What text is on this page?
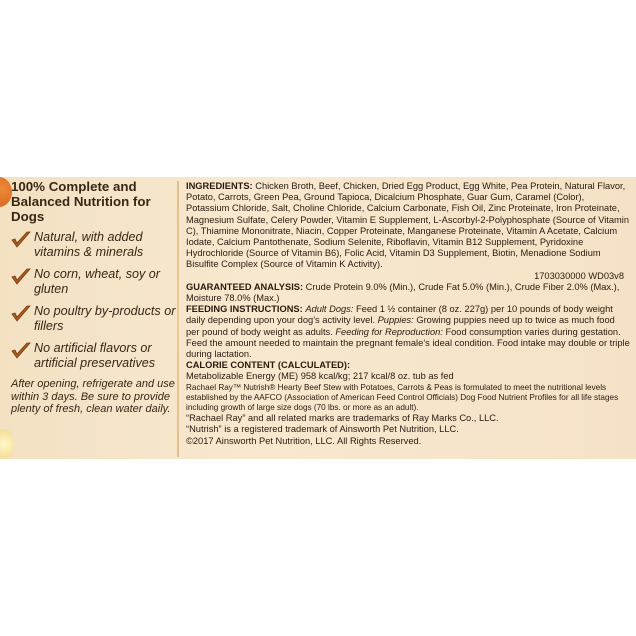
100% Complete and Balanced Nutrition for Dogs

Natural, with added vitamins & minerals
No corn, wheat, soy or gluten
No poultry by-products or fillers
No artificial flavors or artificial preservatives

After opening, refrigerate and use within 3 days. Be sure to provide plenty of fresh, clean water daily.

INGREDIENTS: Chicken Broth, Beef, Chicken, Dried Egg Product, Egg White, Pea Protein, Natural Flavor, Potato, Carrots, Green Pea, Ground Tapioca, Dicalcium Phosphate, Guar Gum, Caramel (Color), Potassium Chloride, Salt, Choline Chloride, Calcium Carbonate, Fish Oil, Zinc Proteinate, Iron Proteinate, Magnesium Sulfate, Celery Powder, Vitamin E Supplement, L-Ascorbyl-2-Polyphosphate (Source of Vitamin C), Thiamine Mononitrate, Niacin, Copper Proteinate, Manganese Proteinate, Vitamin A Acetate, Calcium Iodate, Calcium Pantothenate, Sodium Selenite, Riboflavin, Vitamin B12 Supplement, Pyridoxine Hydrochloride (Source of Vitamin B6), Folic Acid, Vitamin D3 Supplement, Biotin, Menadione Sodium Bisulfite Complex (Source of Vitamin K Activity).

1703030000 WD03v8

GUARANTEED ANALYSIS: Crude Protein 9.0% (Min.), Crude Fat 5.0% (Min.), Crude Fiber 2.0% (Max.), Moisture 78.0% (Max.)

FEEDING INSTRUCTIONS: Adult Dogs: Feed 1 ½ container (8 oz. 227g) per 10 pounds of body weight daily depending upon your dog’s activity level. Puppies: Growing puppies need up to twice as much food per pound of body weight as adults. Feeding for Reproduction: Food consumption varies during gestation. Feed the amount needed to maintain the pregnant female’s ideal condition. Food intake may double or triple during lactation.

CALORIE CONTENT (CALCULATED):

Metabolizable Energy (ME) 958 kcal/kg; 217 kcal/8 oz. tub as fed

Rachael Ray™ Nutrish® Hearty Beef Stew with Potatoes, Carrots & Peas is formulated to meet the nutritional levels established by the AAFCO (Association of American Feed Control Officials) Dog Food Nutrient Profiles for all life stages including growth of large size dogs (70 lbs. or more as an adult).

“Rachael Ray” and all related marks are trademarks of Ray Marks Co., LLC.

“Nutrish” is a registered trademark of Ainsworth Pet Nutrition, LLC.

©2017 Ainsworth Pet Nutrition, LLC. All Rights Reserved.
